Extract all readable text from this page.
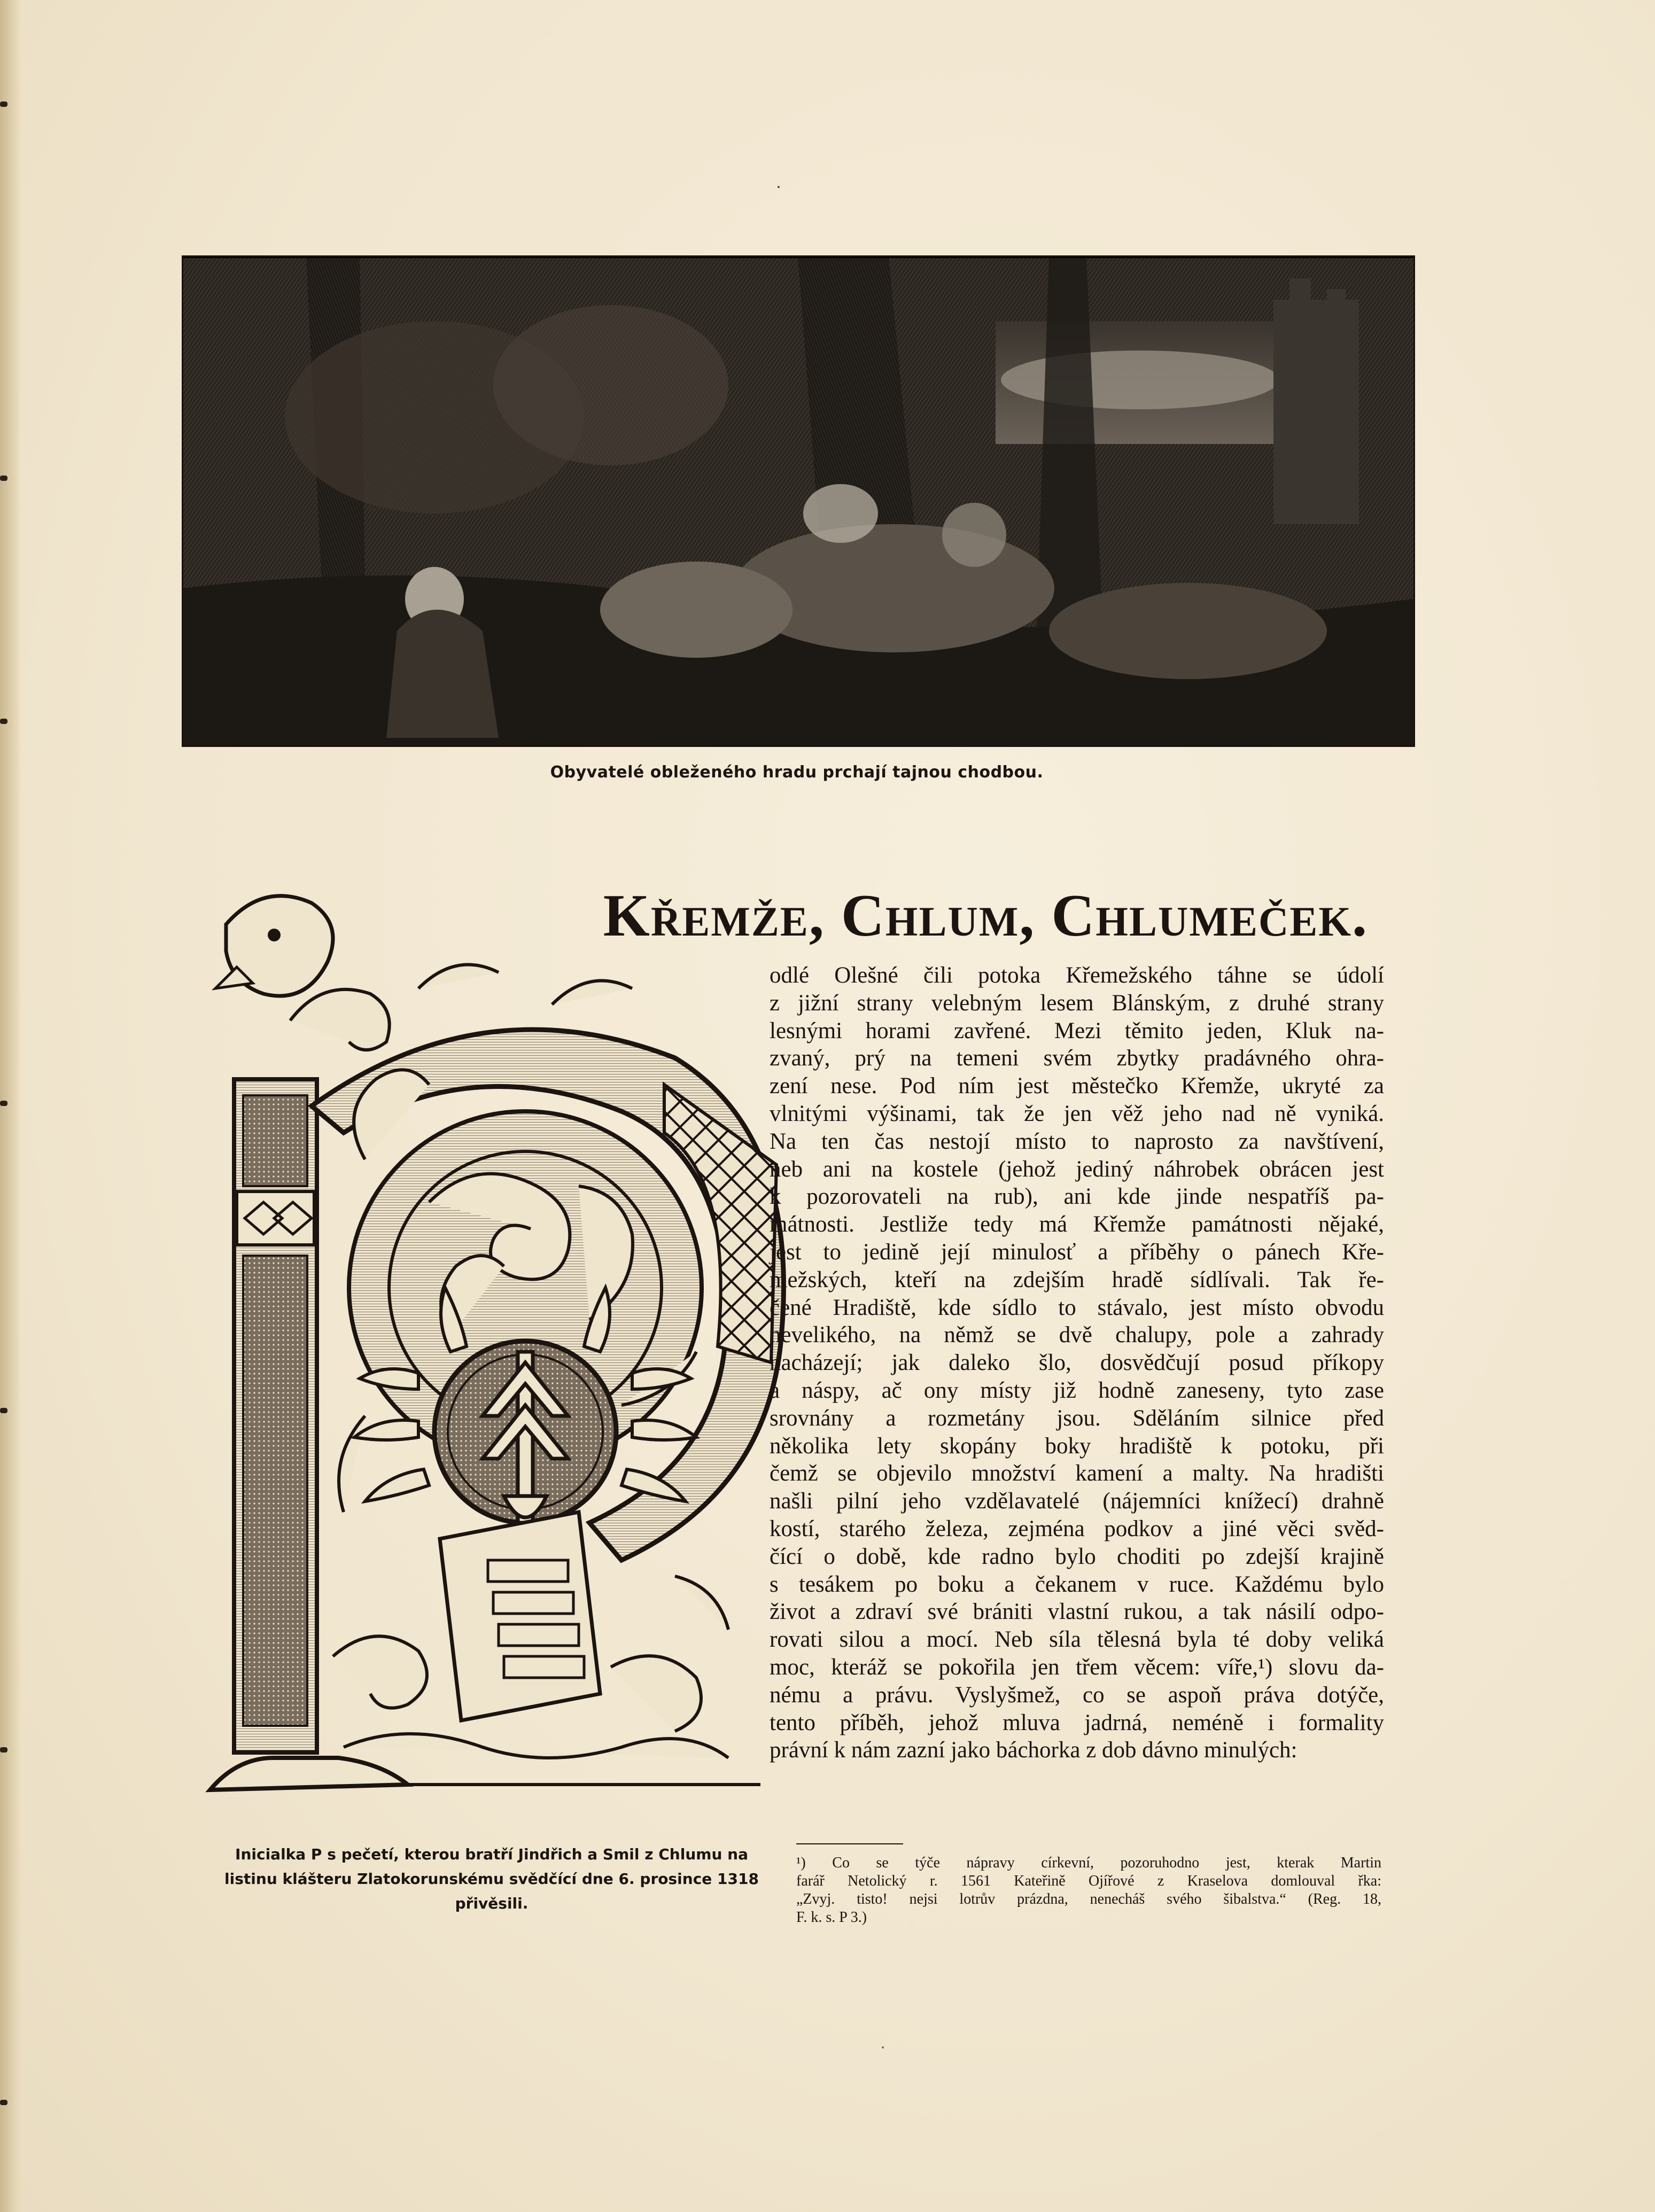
Obyvatelé obleženého hradu prchají tajnou chodbou.
Křemže, Chlum, Chlumeček.
Inicialka P s pečetí, kterou bratří Jindřich a Smil z Chlumu na listinu klášteru Zlatokorunskému svědčící dne 6. prosince 1318 přivěsili.
odlé Olešné čili potoka Křemežského táhne se údolí
z jižní strany velebným lesem Blánským, z druhé strany
lesnými horami zavřené. Mezi těmito jeden, Kluk na-
zvaný, prý na temeni svém zbytky pradávného ohra-
zení nese. Pod ním jest městečko Křemže, ukryté za
vlnitými výšinami, tak že jen věž jeho nad ně vyniká.
Na ten čas nestojí místo to naprosto za navštívení,
neb ani na kostele (jehož jediný náhrobek obrácen jest
k pozorovateli na rub), ani kde jinde nespatříš pa-
mátnosti. Jestliže tedy má Křemže památnosti nějaké,
jest to jedině její minulosť a příběhy o pánech Kře-
mežských, kteří na zdejším hradě sídlívali. Tak ře-
čené Hradiště, kde sídlo to stávalo, jest místo obvodu
nevelikého, na němž se dvě chalupy, pole a zahrady
nacházejí; jak daleko šlo, dosvědčují posud příkopy
a náspy, ač ony místy již hodně zaneseny, tyto zase
srovnány a rozmetány jsou. Sděláním silnice před
několika lety skopány boky hradiště k potoku, při
čemž se objevilo množství kamení a malty. Na hradišti
našli pilní jeho vzdělavatelé (nájemníci knížecí) drahně
kostí, starého železa, zejména podkov a jiné věci svěd-
čící o době, kde radno bylo choditi po zdejší krajině
s tesákem po boku a čekanem v ruce. Každému bylo
život a zdraví své brániti vlastní rukou, a tak násilí odpo-
rovati silou a mocí. Neb síla tělesná byla té doby veliká
moc, kteráž se pokořila jen třem věcem: víře,¹) slovu da-
nému a právu. Vyslyšmež, co se aspoň práva dotýče,
tento příběh, jehož mluva jadrná, neméně i formality
právní k nám zazní jako báchorka z dob dávno minulých:
¹) Co se týče nápravy církevní, pozoruhodno jest, kterak Martin
farář Netolický r. 1561 Kateřině Ojířové z Kraselova domlouval řka:
„Zvyj. tisto! nejsi lotrův prázdna, nenecháš svého šibalstva.“ (Reg. 18,
F. k. s. P 3.)
